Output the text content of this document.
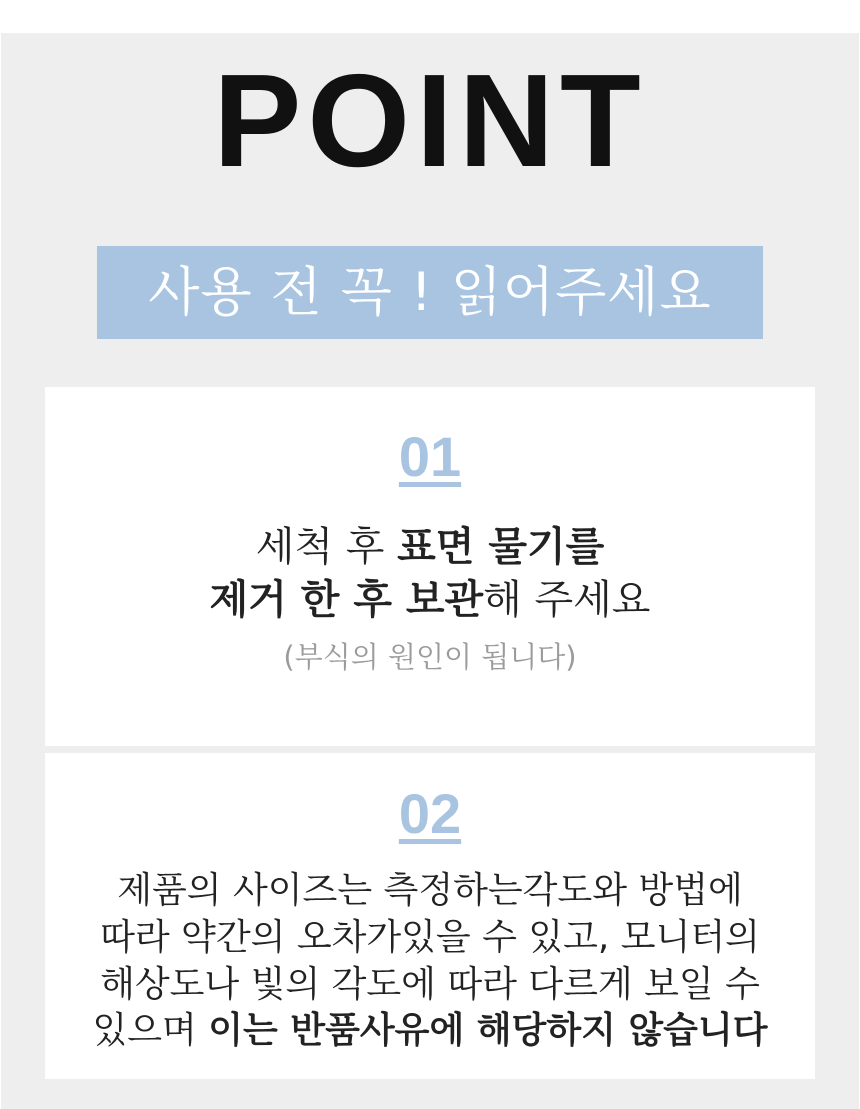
POINT
사용 전 꼭 ! 읽어주세요
01
세척 후 표면 물기를
제거 한 후 보관해 주세요
(부식의 원인이 됩니다)
02
제품의 사이즈는 측정하는각도와 방법에
따라 약간의 오차가있을 수 있고, 모니터의
해상도나 빛의 각도에 따라 다르게 보일 수
있으며 이는 반품사유에 해당하지 않습니다
